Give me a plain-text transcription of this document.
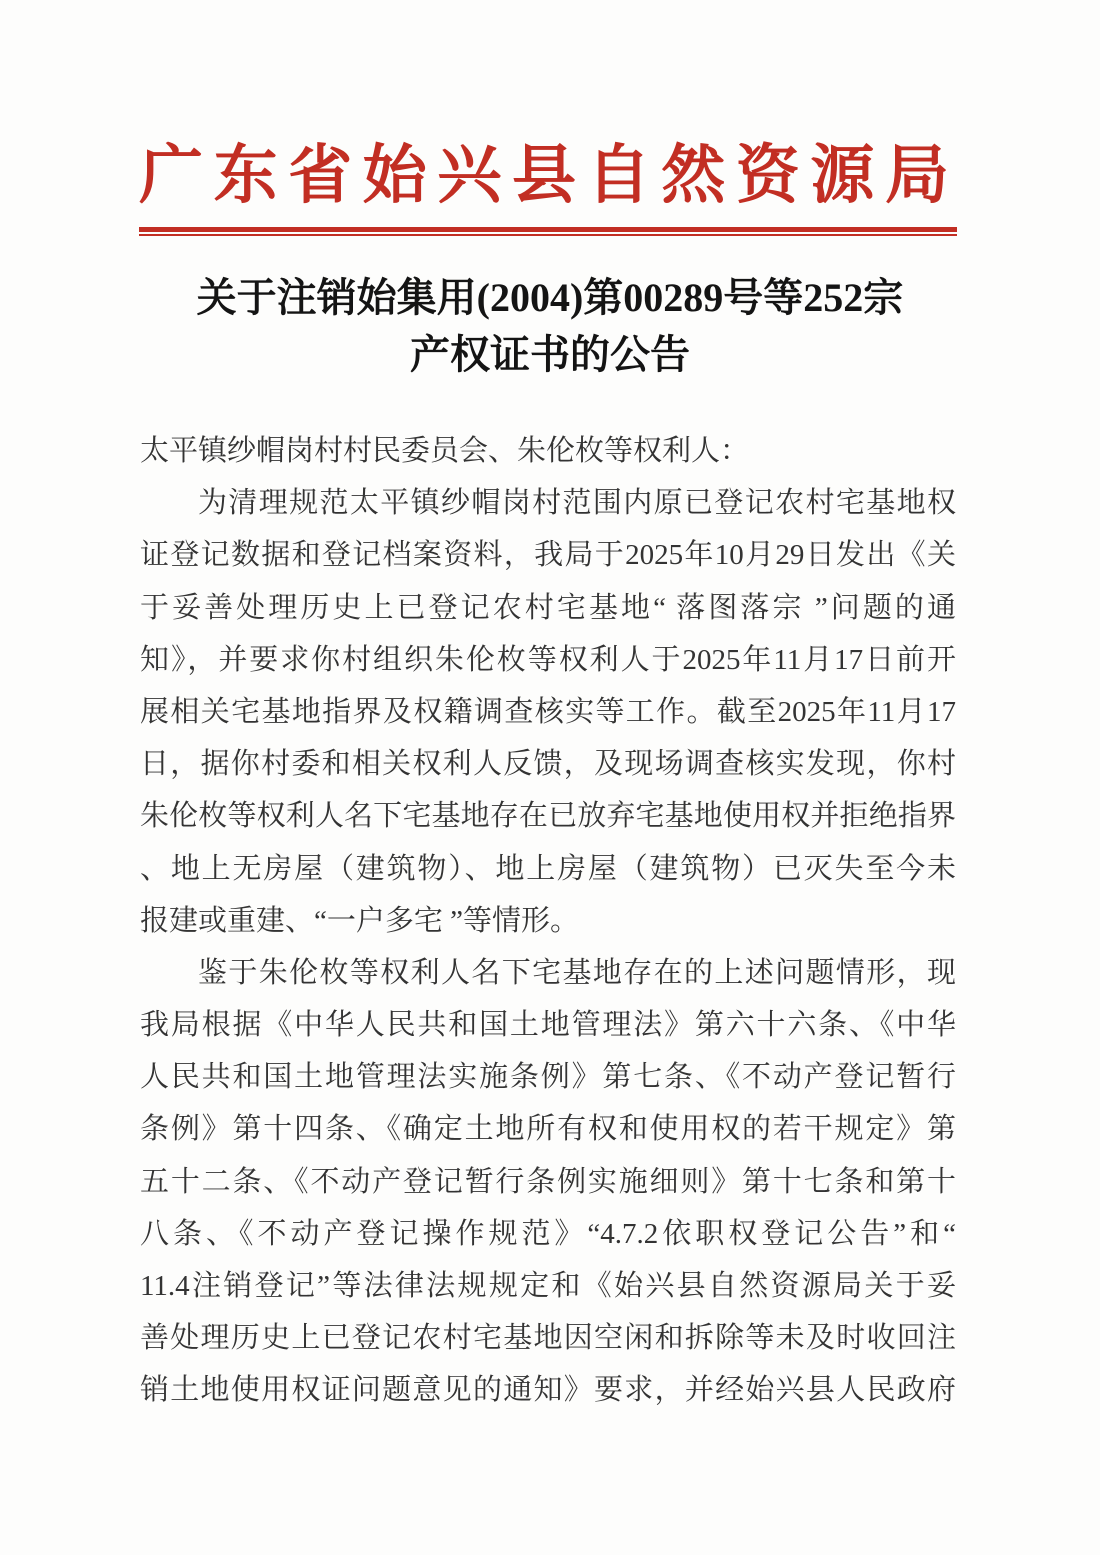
广东省始兴县自然资源局
关于注销始集用(2004)第00289号等252宗
产权证书的公告
太平镇纱帽岗村村民委员会、朱伦枚等权利人：
为清理规范太平镇纱帽岗村范围内原已登记农村宅基地权
证登记数据和登记档案资料，我局于2025年10月29日发出《关
于妥善处理历史上已登记农村宅基地“ 落图落宗 ”问题的通
知》，并要求你村组织朱伦枚等权利人于2025年11月17日前开
展相关宅基地指界及权籍调查核实等工作。截至2025年11月17
日，据你村委和相关权利人反馈，及现场调查核实发现，你村
朱伦枚等权利人名下宅基地存在已放弃宅基地使用权并拒绝指界
、地上无房屋（建筑物）、地上房屋（建筑物）已灭失至今未
报建或重建、“一户多宅 ”等情形。
鉴于朱伦枚等权利人名下宅基地存在的上述问题情形，现
我局根据《中华人民共和国土地管理法》第六十六条、《中华
人民共和国土地管理法实施条例》第七条、《不动产登记暂行
条例》第十四条、《确定土地所有权和使用权的若干规定》第
五十二条、《不动产登记暂行条例实施细则》第十七条和第十
八条、《不动产登记操作规范》“4.7.2依职权登记公告”和“
11.4注销登记”等法律法规规定和《始兴县自然资源局关于妥
善处理历史上已登记农村宅基地因空闲和拆除等未及时收回注
销土地使用权证问题意见的通知》要求，并经始兴县人民政府
